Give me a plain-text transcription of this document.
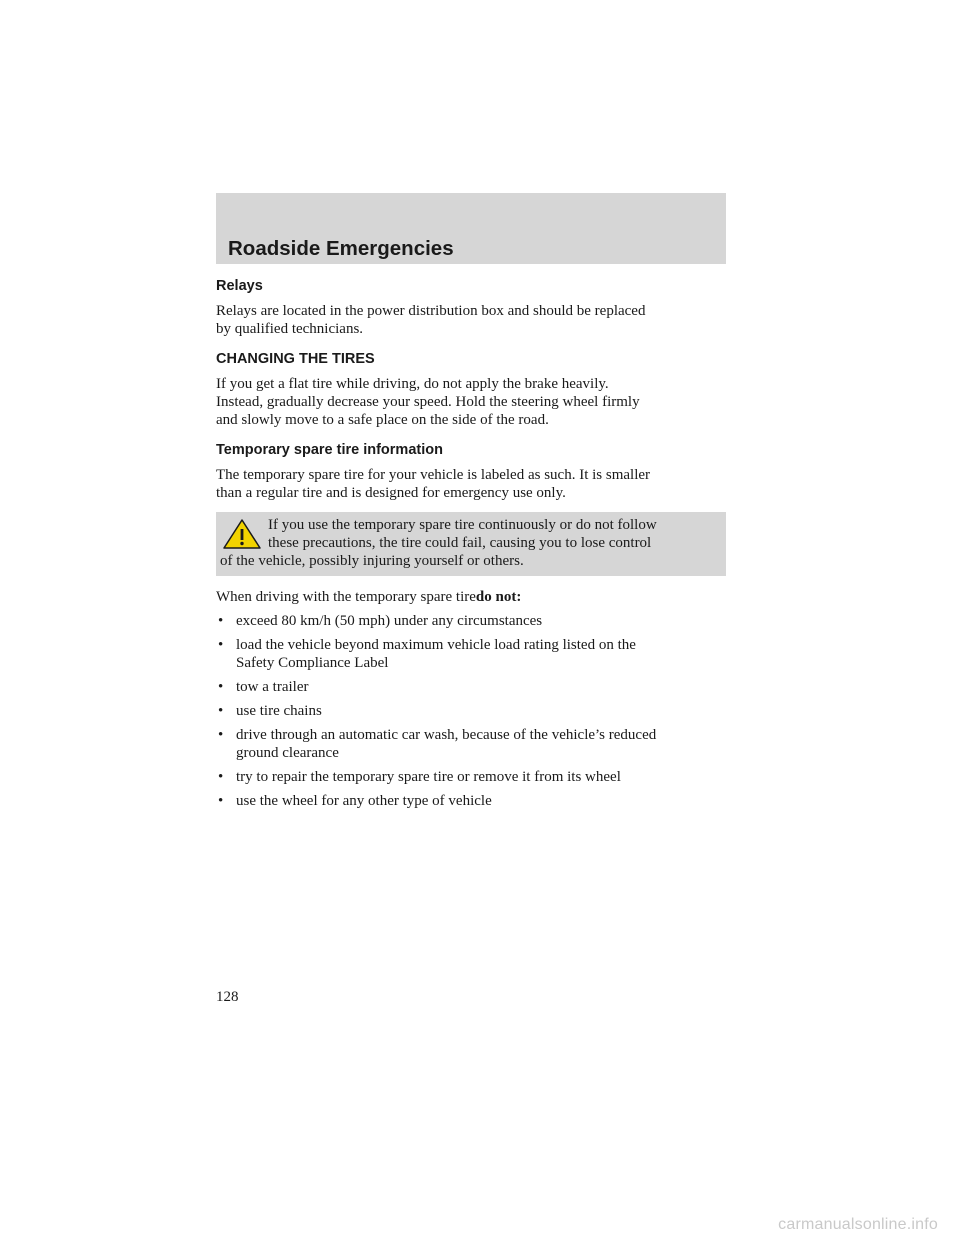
Roadside Emergencies
Relays

Relays are located in the power distribution box and should be replaced
by qualified technicians.

CHANGING THE TIRES

If you get a flat tire while driving, do not apply the brake heavily.
Instead, gradually decrease your speed. Hold the steering wheel firmly
and slowly move to a safe place on the side of the road.

Temporary spare tire information

The temporary spare tire for your vehicle is labeled as such. It is smaller
than a regular tire and is designed for emergency use only.

If you use the temporary spare tire continuously or do not follow
these precautions, the tire could fail, causing you to lose control
of the vehicle, possibly injuring yourself or others.

When driving with the temporary spare tiredo not:

• exceed 80 km/h (50 mph) under any circumstances
• load the vehicle beyond maximum vehicle load rating listed on the
Safety Compliance Label
• tow a trailer
• use tire chains
• drive through an automatic car wash, because of the vehicle’s reduced
ground clearance
• try to repair the temporary spare tire or remove it from its wheel
• use the wheel for any other type of vehicle
128
carmanualsonline.info
